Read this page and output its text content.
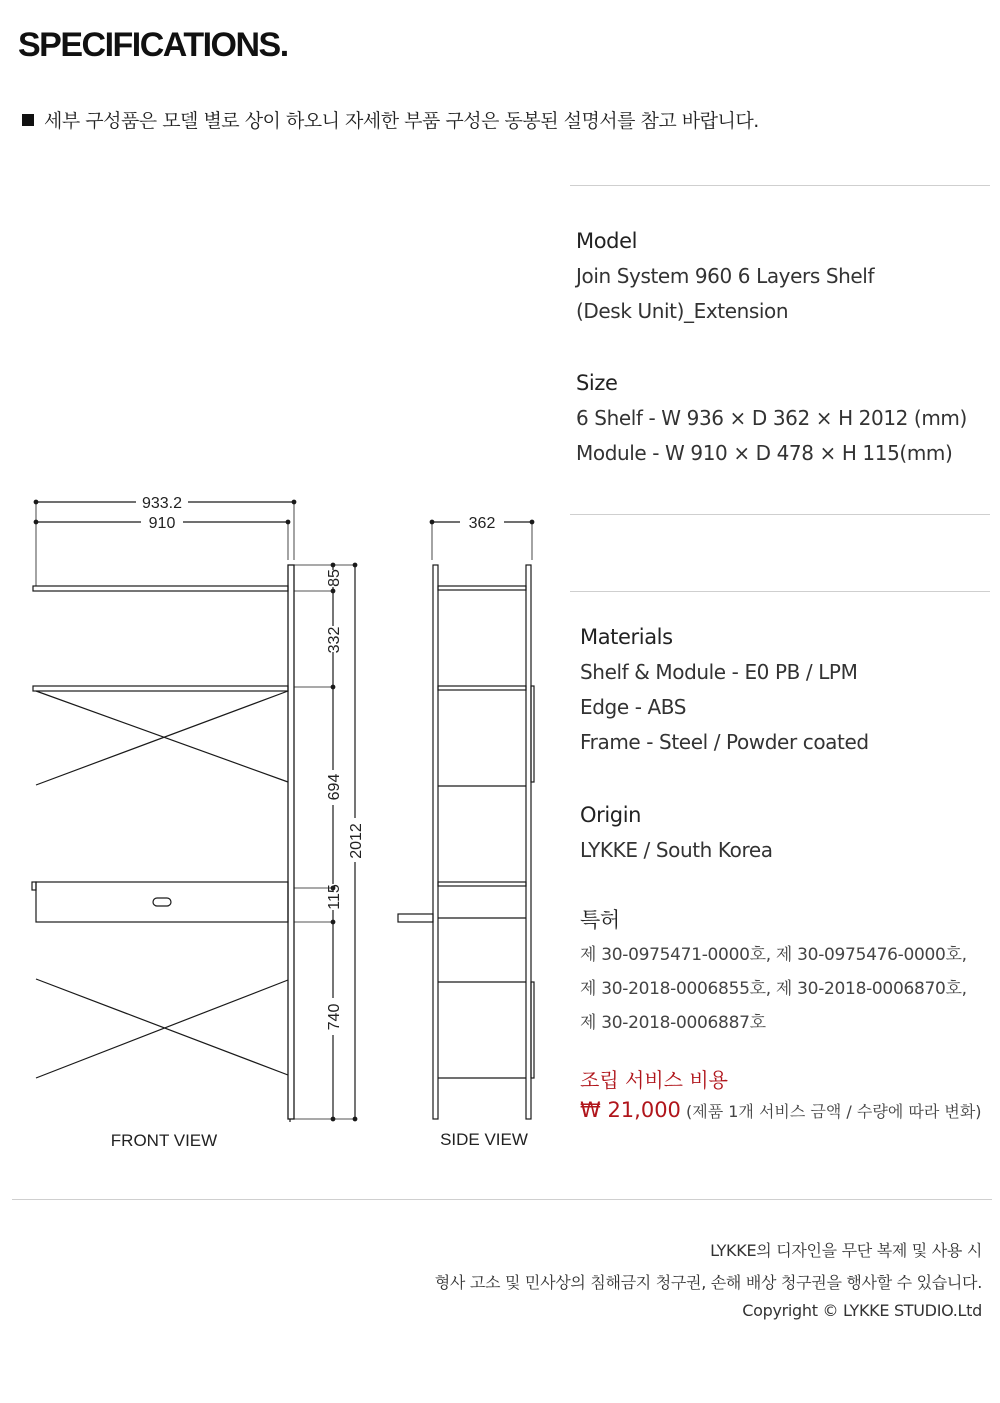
SPECIFICATIONS.
세부 구성품은 모델 별로 상이 하오니 자세한 부품 구성은 동봉된 설명서를 참고 바랍니다.
Model
Join System 960 6 Layers Shelf
(Desk Unit)_Extension
Size
6 Shelf - W 936 × D 362 × H 2012 (mm)
Module - W 910 × D 478 × H 115(mm)
Materials
Shelf & Module - E0 PB / LPM
Edge - ABS
Frame - Steel / Powder coated
Origin
LYKKE / South Korea
특허
제 30-0975471-0000호, 제 30-0975476-0000호,
제 30-2018-0006855호, 제 30-2018-0006870호,
제 30-2018-0006887호
조립 서비스 비용
₩ 21,000 (제품 1개 서비스 금액 / 수량에 따라 변화)
933.2
910	362
85
332
694
115
740
2012
FRONT VIEW	SIDE VIEW
LYKKE의 디자인을 무단 복제 및 사용 시
형사 고소 및 민사상의 침해금지 청구권, 손해 배상 청구권을 행사할 수 있습니다.
Copyright © LYKKE STUDIO.Ltd
